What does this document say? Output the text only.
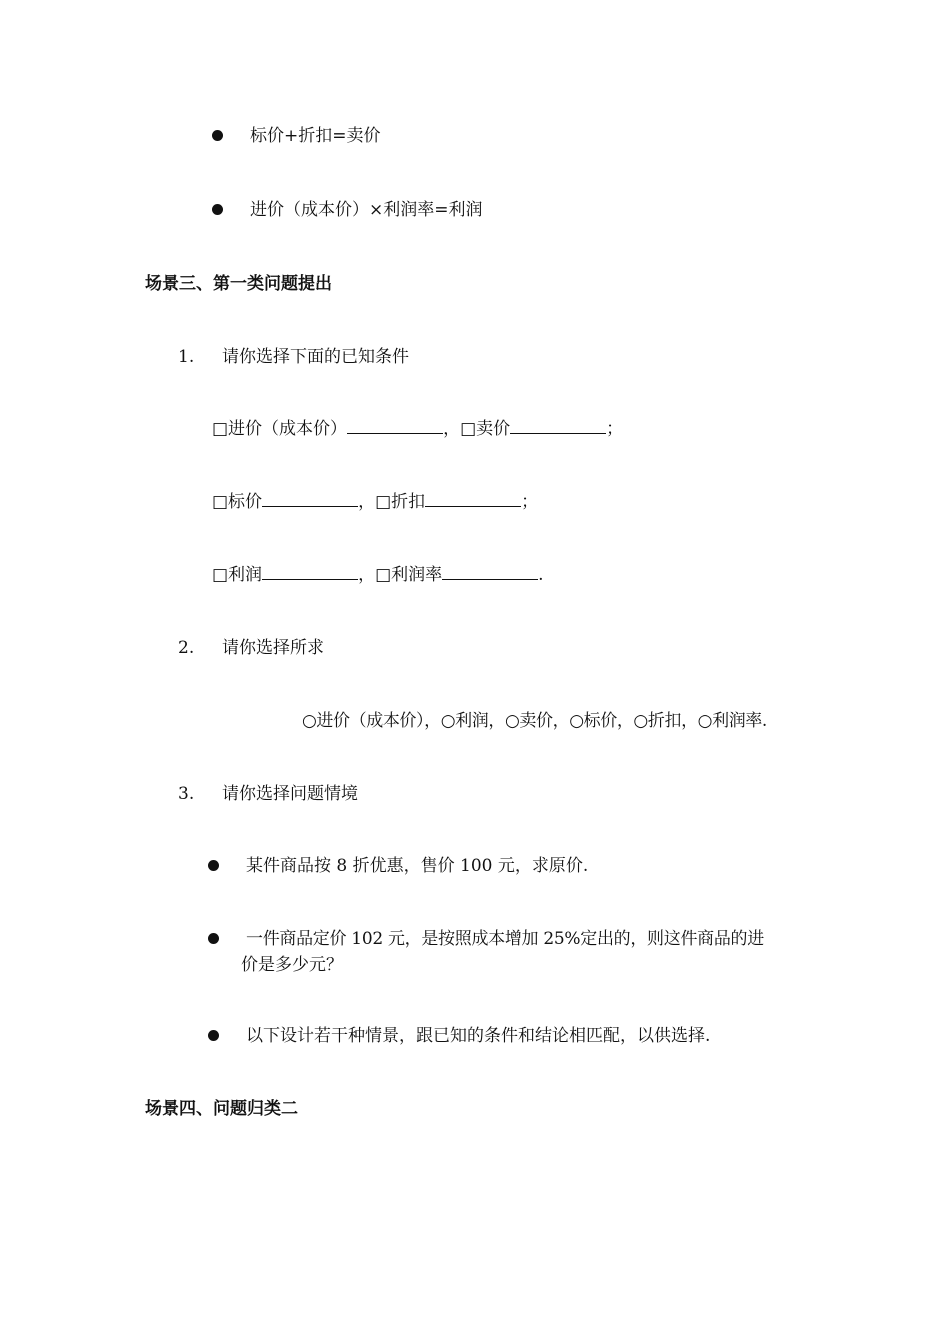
标价+折扣=卖价
进价（成本价）×利润率=利润
场景三、第一类问题提出
1. 请你选择下面的已知条件
□进价（成本价）	，□卖价	；
□标价	，□折扣	；
□利润	，□利润率	.
2. 请你选择所求
○进价（成本价），○利润，○卖价，○标价，○折扣，○利润率.
3. 请你选择问题情境
某件商品按 8 折优惠，售价 100 元，求原价.
一件商品定价 102 元，是按照成本增加 25%定出的，则这件商品的进
价是多少元？
以下设计若干种情景，跟已知的条件和结论相匹配，以供选择.
场景四、问题归类二
